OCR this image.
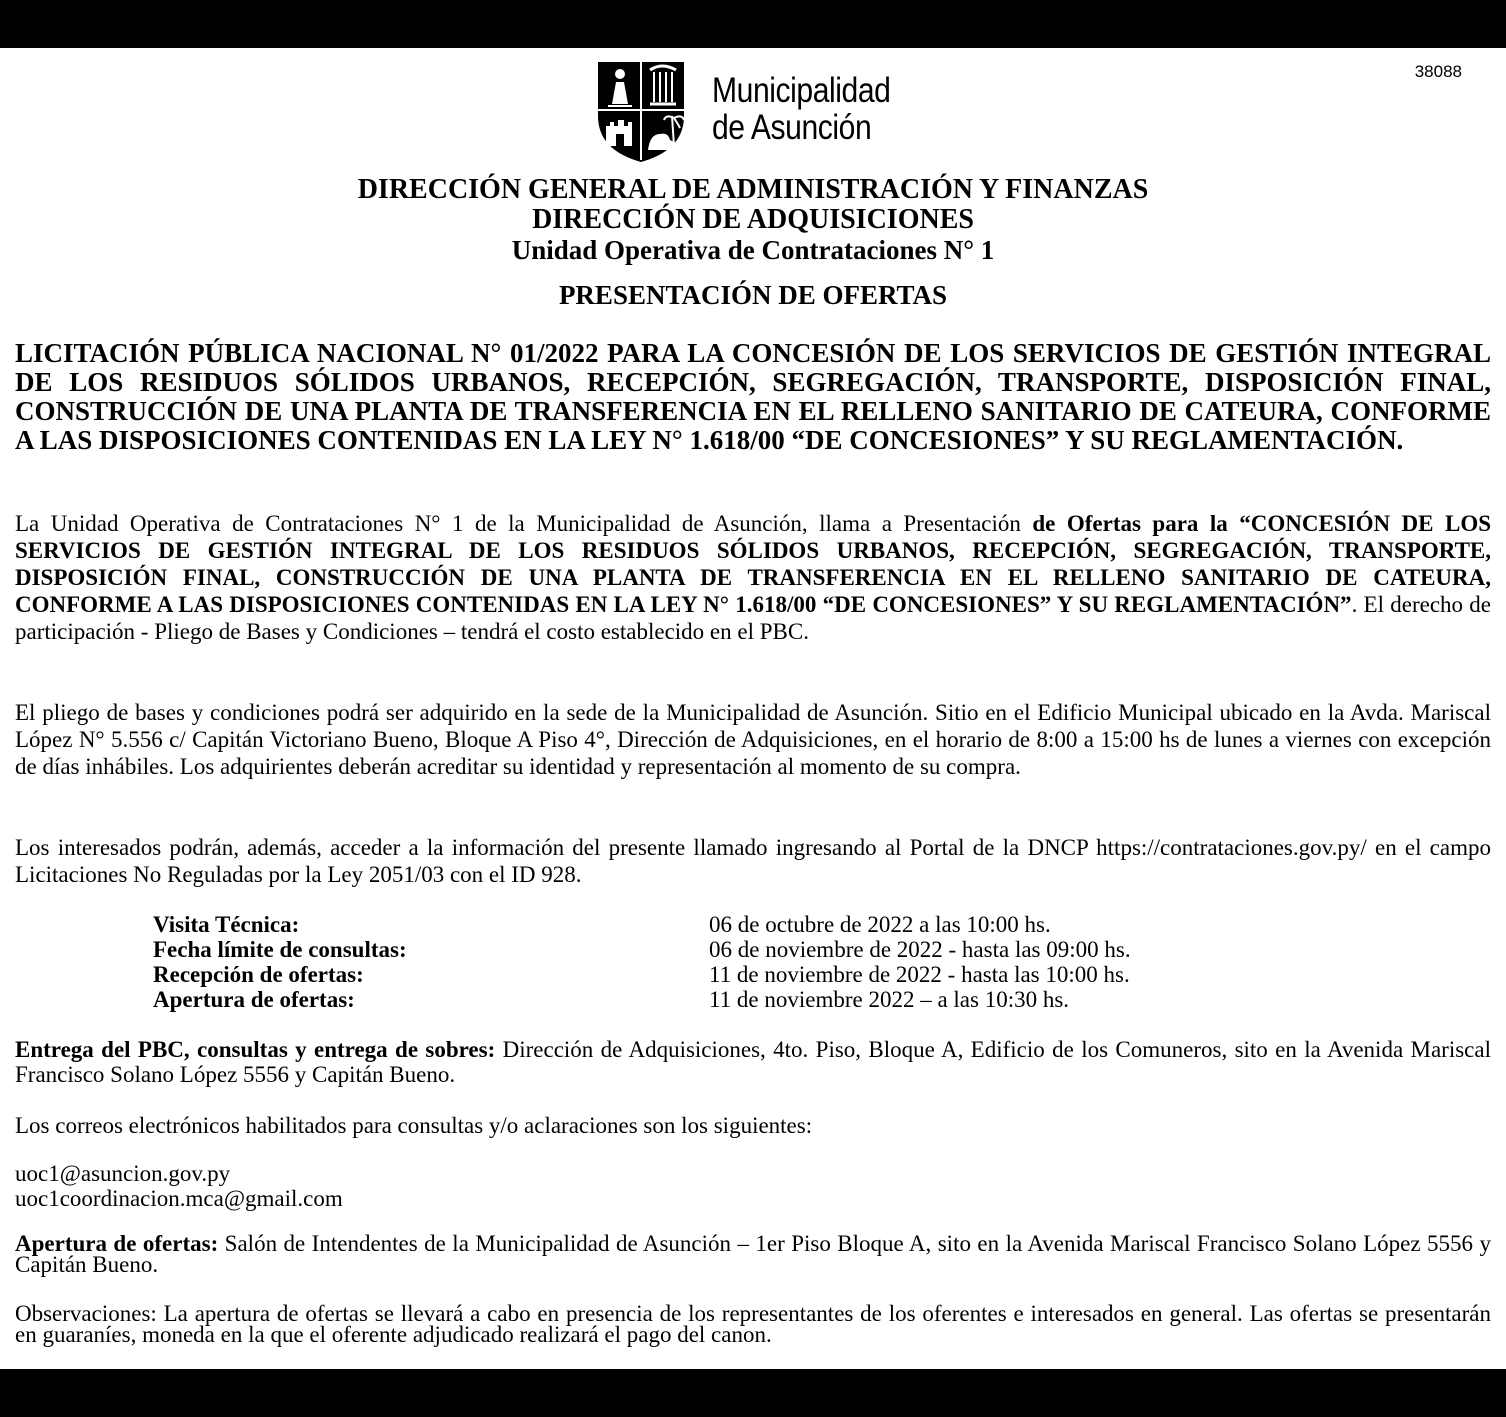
38088
Municipalidad
de Asunción
DIRECCIÓN GENERAL DE ADMINISTRACIÓN Y FINANZAS
DIRECCIÓN DE ADQUISICIONES
Unidad Operativa de Contrataciones N° 1
PRESENTACIÓN DE OFERTAS
LICITACIÓN PÚBLICA NACIONAL N° 01/2022 PARA LA CONCESIÓN DE LOS SERVICIOS DE GESTIÓN INTEGRAL DE LOS RESIDUOS SÓLIDOS URBANOS, RECEPCIÓN, SEGREGACIÓN, TRANSPORTE, DISPOSICIÓN FINAL, CONSTRUCCIÓN DE UNA PLANTA DE TRANSFERENCIA EN EL RELLENO SANITARIO DE CATEURA, CONFORME A LAS DISPOSICIONES CONTENIDAS EN LA LEY N° 1.618/00 “DE CONCESIONES” Y SU REGLAMENTACIÓN.
La Unidad Operativa de Contrataciones N° 1 de la Municipalidad de Asunción, llama a Presentación de Ofertas para la “CONCESIÓN DE LOS SERVICIOS DE GESTIÓN INTEGRAL DE LOS RESIDUOS SÓLIDOS URBANOS, RECEPCIÓN, SEGREGACIÓN, TRANSPORTE, DISPOSICIÓN FINAL, CONSTRUCCIÓN DE UNA PLANTA DE TRANSFERENCIA EN EL RELLENO SANITARIO DE CATEURA, CONFORME A LAS DISPOSICIONES CONTENIDAS EN LA LEY N° 1.618/00 “DE CONCESIONES” Y SU REGLAMENTACIÓN”. El derecho de participación - Pliego de Bases y Condiciones – tendrá el costo establecido en el PBC.
El pliego de bases y condiciones podrá ser adquirido en la sede de la Municipalidad de Asunción. Sitio en el Edificio Municipal ubicado en la Avda. Mariscal López N° 5.556 c/ Capitán Victoriano Bueno, Bloque A Piso 4°, Dirección de Adquisiciones, en el horario de 8:00 a 15:00 hs de lunes a viernes con excepción de días inhábiles. Los adquirientes deberán acreditar su identidad y representación al momento de su compra.
Los interesados podrán, además, acceder a la información del presente llamado ingresando al Portal de la DNCP https://contrataciones.gov.py/ en el campo Licitaciones No Reguladas por la Ley 2051/03 con el ID 928.
Visita Técnica:	06 de octubre de 2022 a las 10:00 hs.
Fecha límite de consultas:	06 de noviembre de 2022 - hasta las 09:00 hs.
Recepción de ofertas:	11 de noviembre de 2022 - hasta las 10:00 hs.
Apertura de ofertas:	11 de noviembre 2022 – a las 10:30 hs.
Entrega del PBC, consultas y entrega de sobres: Dirección de Adquisiciones, 4to. Piso, Bloque A, Edificio de los Comuneros, sito en la Avenida Mariscal Francisco Solano López 5556 y Capitán Bueno.
Los correos electrónicos habilitados para consultas y/o aclaraciones son los siguientes:
uoc1@asuncion.gov.py
uoc1coordinacion.mca@gmail.com
Apertura de ofertas: Salón de Intendentes de la Municipalidad de Asunción – 1er Piso Bloque A, sito en la Avenida Mariscal Francisco Solano López 5556 y Capitán Bueno.
Observaciones: La apertura de ofertas se llevará a cabo en presencia de los representantes de los oferentes e interesados en general. Las ofertas se presentarán en guaraníes, moneda en la que el oferente adjudicado realizará el pago del canon.
